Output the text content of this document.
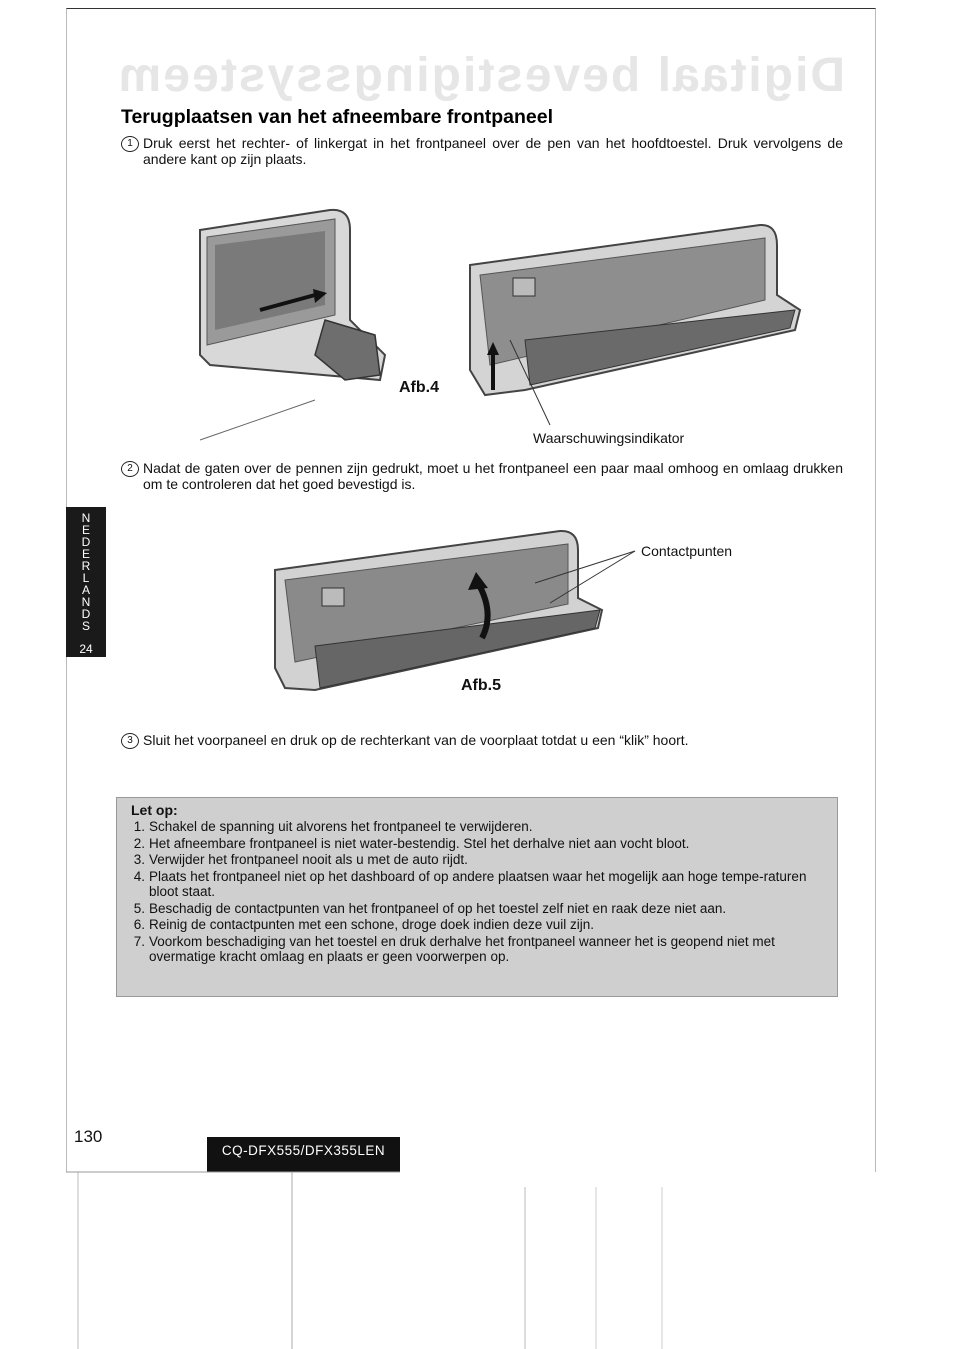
Digitaal bevestigingssysteem
Terugplaatsen van het afneembare frontpaneel
1 Druk eerst het rechter- of linkergat in het frontpaneel over de pen van het hoofdtoestel. Druk vervolgens de andere kant op zijn plaats.
Afb.4
Waarschuwingsindikator
2 Nadat de gaten over de pennen zijn gedrukt, moet u het frontpaneel een paar maal omhoog en omlaag drukken om te controleren dat het goed bevestigd is.
N
E
D
E
R
L
A
N
D
S
24
Contactpunten
Afb.5
3 Sluit het voorpaneel en druk op de rechterkant van de voorplaat totdat u een “klik” hoort.
Let op:
1. Schakel de spanning uit alvorens het frontpaneel te verwijderen.
2. Het afneembare frontpaneel is niet water-bestendig. Stel het derhalve niet aan vocht bloot.
3. Verwijder het frontpaneel nooit als u met de auto rijdt.
4. Plaats het frontpaneel niet op het dashboard of op andere plaatsen waar het mogelijk aan hoge tempe-raturen bloot staat.
5. Beschadig de contactpunten van het frontpaneel of op het toestel zelf niet en raak deze niet aan.
6. Reinig de contactpunten met een schone, droge doek indien deze vuil zijn.
7. Voorkom beschadiging van het toestel en druk derhalve het frontpaneel wanneer het is geopend niet met overmatige kracht omlaag en plaats er geen voorwerpen op.
130
CQ-DFX555/DFX355LEN
